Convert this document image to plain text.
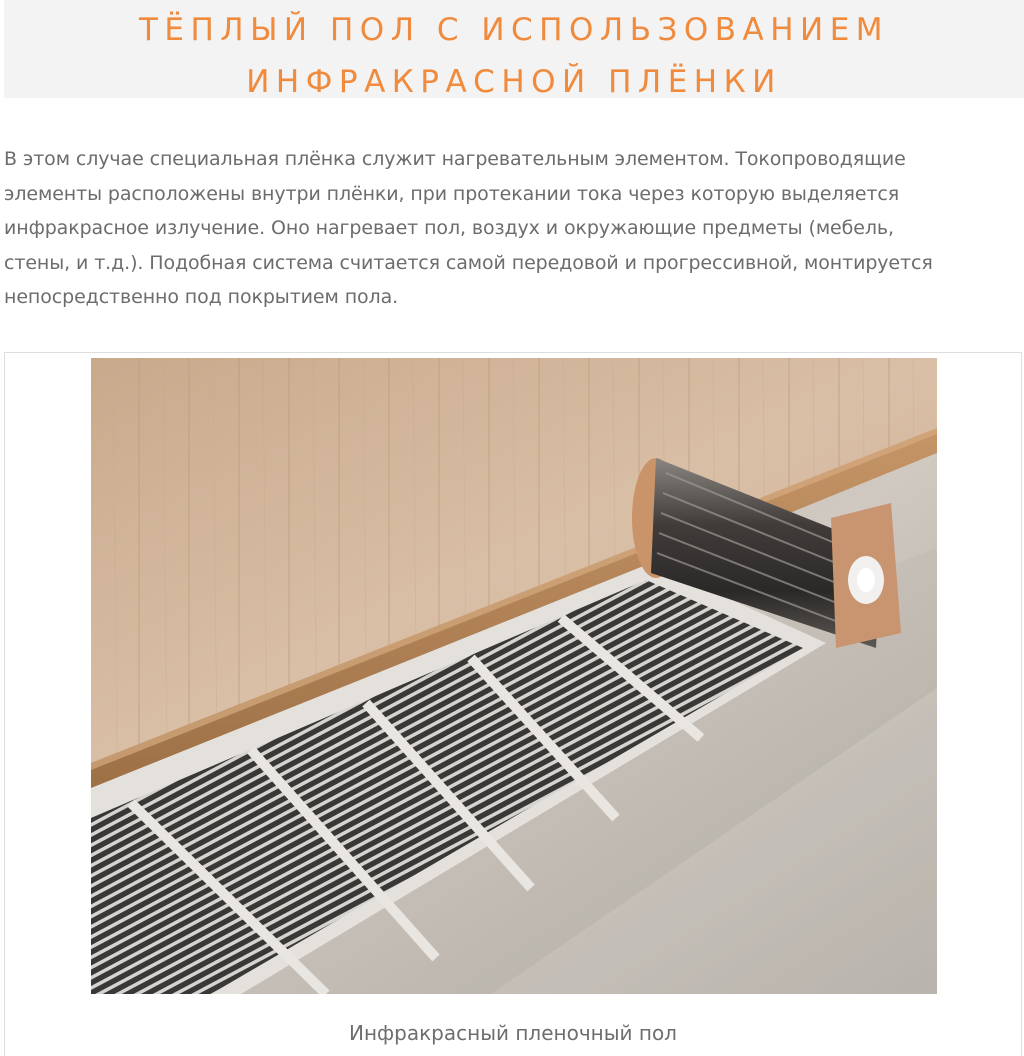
ТЁПЛЫЙ ПОЛ С ИСПОЛЬЗОВАНИЕМ
ИНФРАКРАСНОЙ ПЛЁНКИ

В этом случае специальная плёнка служит нагревательным элементом. Токопроводящие
элементы расположены внутри плёнки, при протекании тока через которую выделяется
инфракрасное излучение. Оно нагревает пол, воздух и окружающие предметы (мебель,
стены, и т.д.). Подобная система считается самой передовой и прогрессивной, монтируется
непосредственно под покрытием пола.

Инфракрасный пленочный пол
